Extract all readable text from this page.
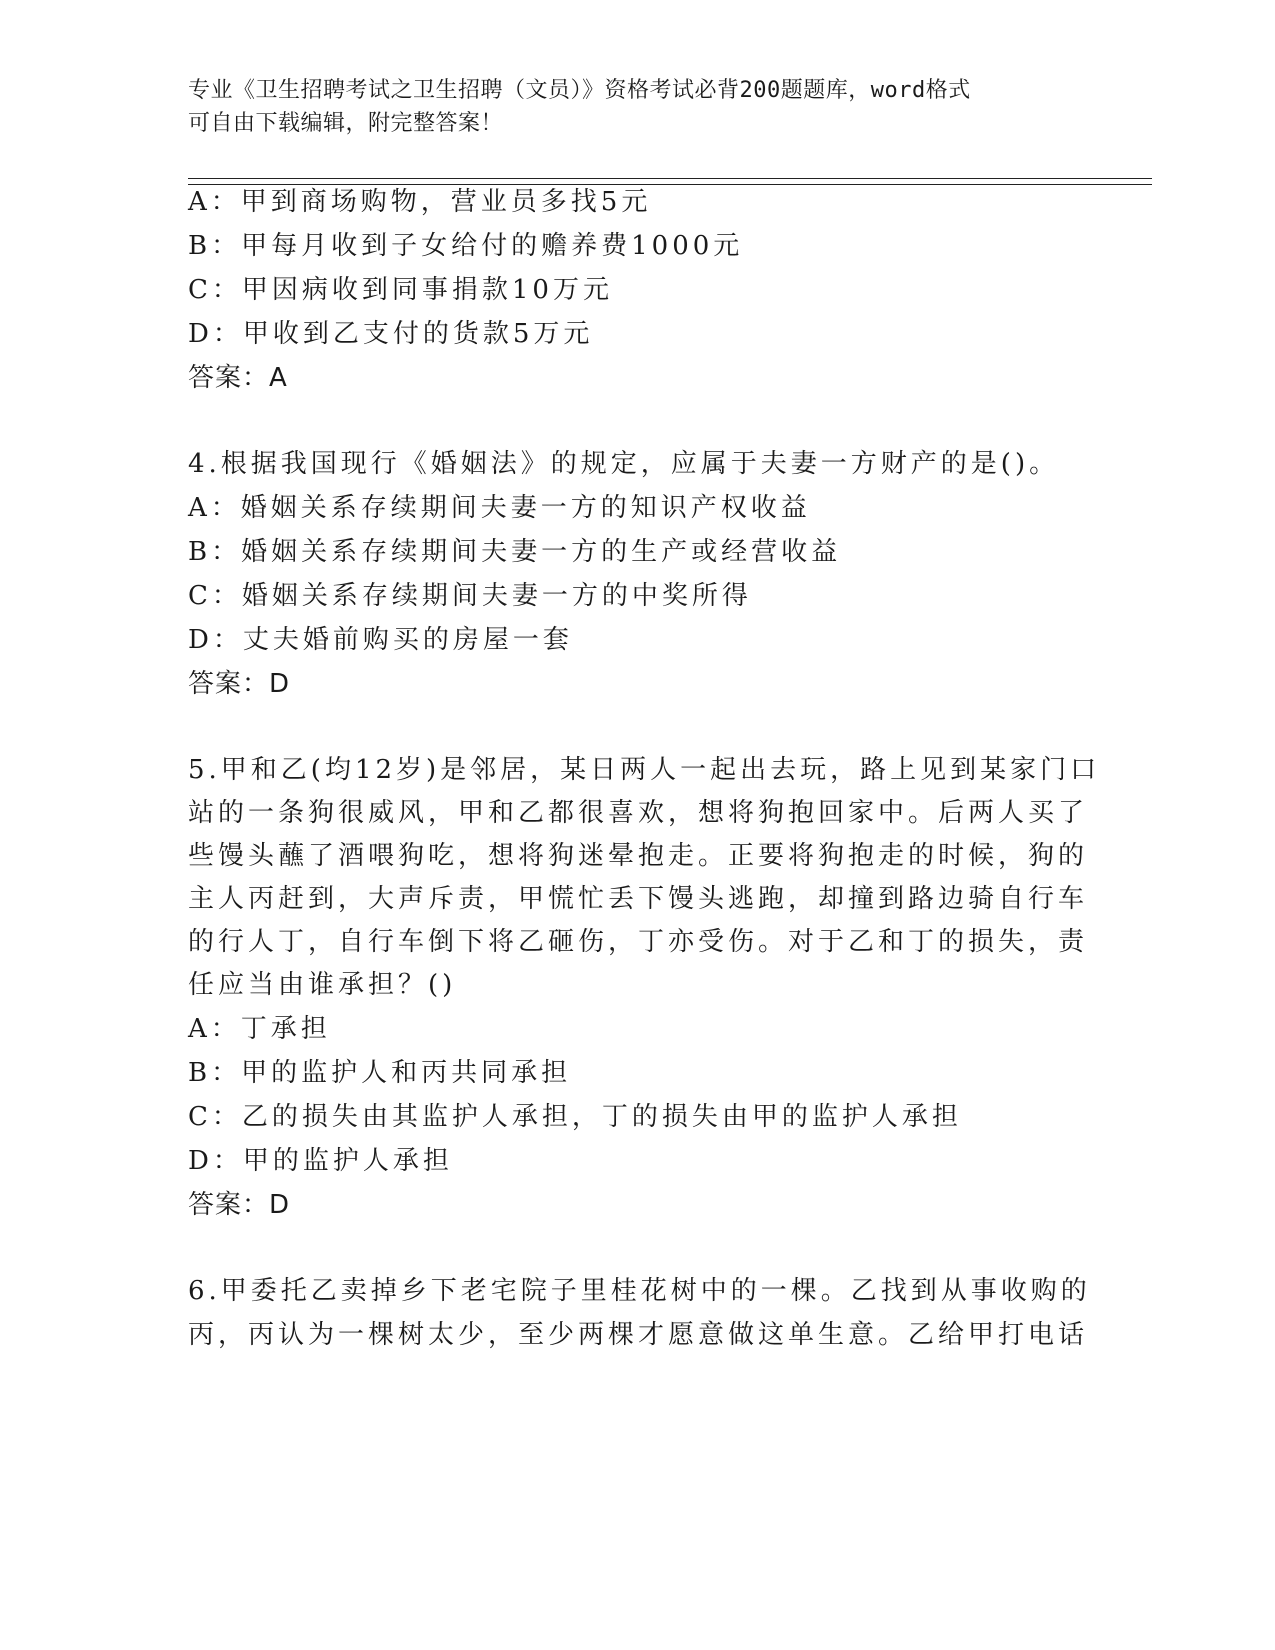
专业《卫生招聘考试之卫生招聘（文员）》资格考试必背200题题库，word格式
可自由下载编辑，附完整答案！
A：甲到商场购物，营业员多找5元
B：甲每月收到子女给付的赡养费1000元
C：甲因病收到同事捐款10万元
D：甲收到乙支付的货款5万元
答案：A
4.根据我国现行《婚姻法》的规定，应属于夫妻一方财产的是()。
A：婚姻关系存续期间夫妻一方的知识产权收益
B：婚姻关系存续期间夫妻一方的生产或经营收益
C：婚姻关系存续期间夫妻一方的中奖所得
D：丈夫婚前购买的房屋一套
答案：D
5.甲和乙(均12岁)是邻居，某日两人一起出去玩，路上见到某家门口
站的一条狗很威风，甲和乙都很喜欢，想将狗抱回家中。后两人买了
些馒头蘸了酒喂狗吃，想将狗迷晕抱走。正要将狗抱走的时候，狗的
主人丙赶到，大声斥责，甲慌忙丢下馒头逃跑，却撞到路边骑自行车
的行人丁，自行车倒下将乙砸伤，丁亦受伤。对于乙和丁的损失，责
任应当由谁承担？()
A：丁承担
B：甲的监护人和丙共同承担
C：乙的损失由其监护人承担，丁的损失由甲的监护人承担
D：甲的监护人承担
答案：D
6.甲委托乙卖掉乡下老宅院子里桂花树中的一棵。乙找到从事收购的
丙，丙认为一棵树太少，至少两棵才愿意做这单生意。乙给甲打电话
